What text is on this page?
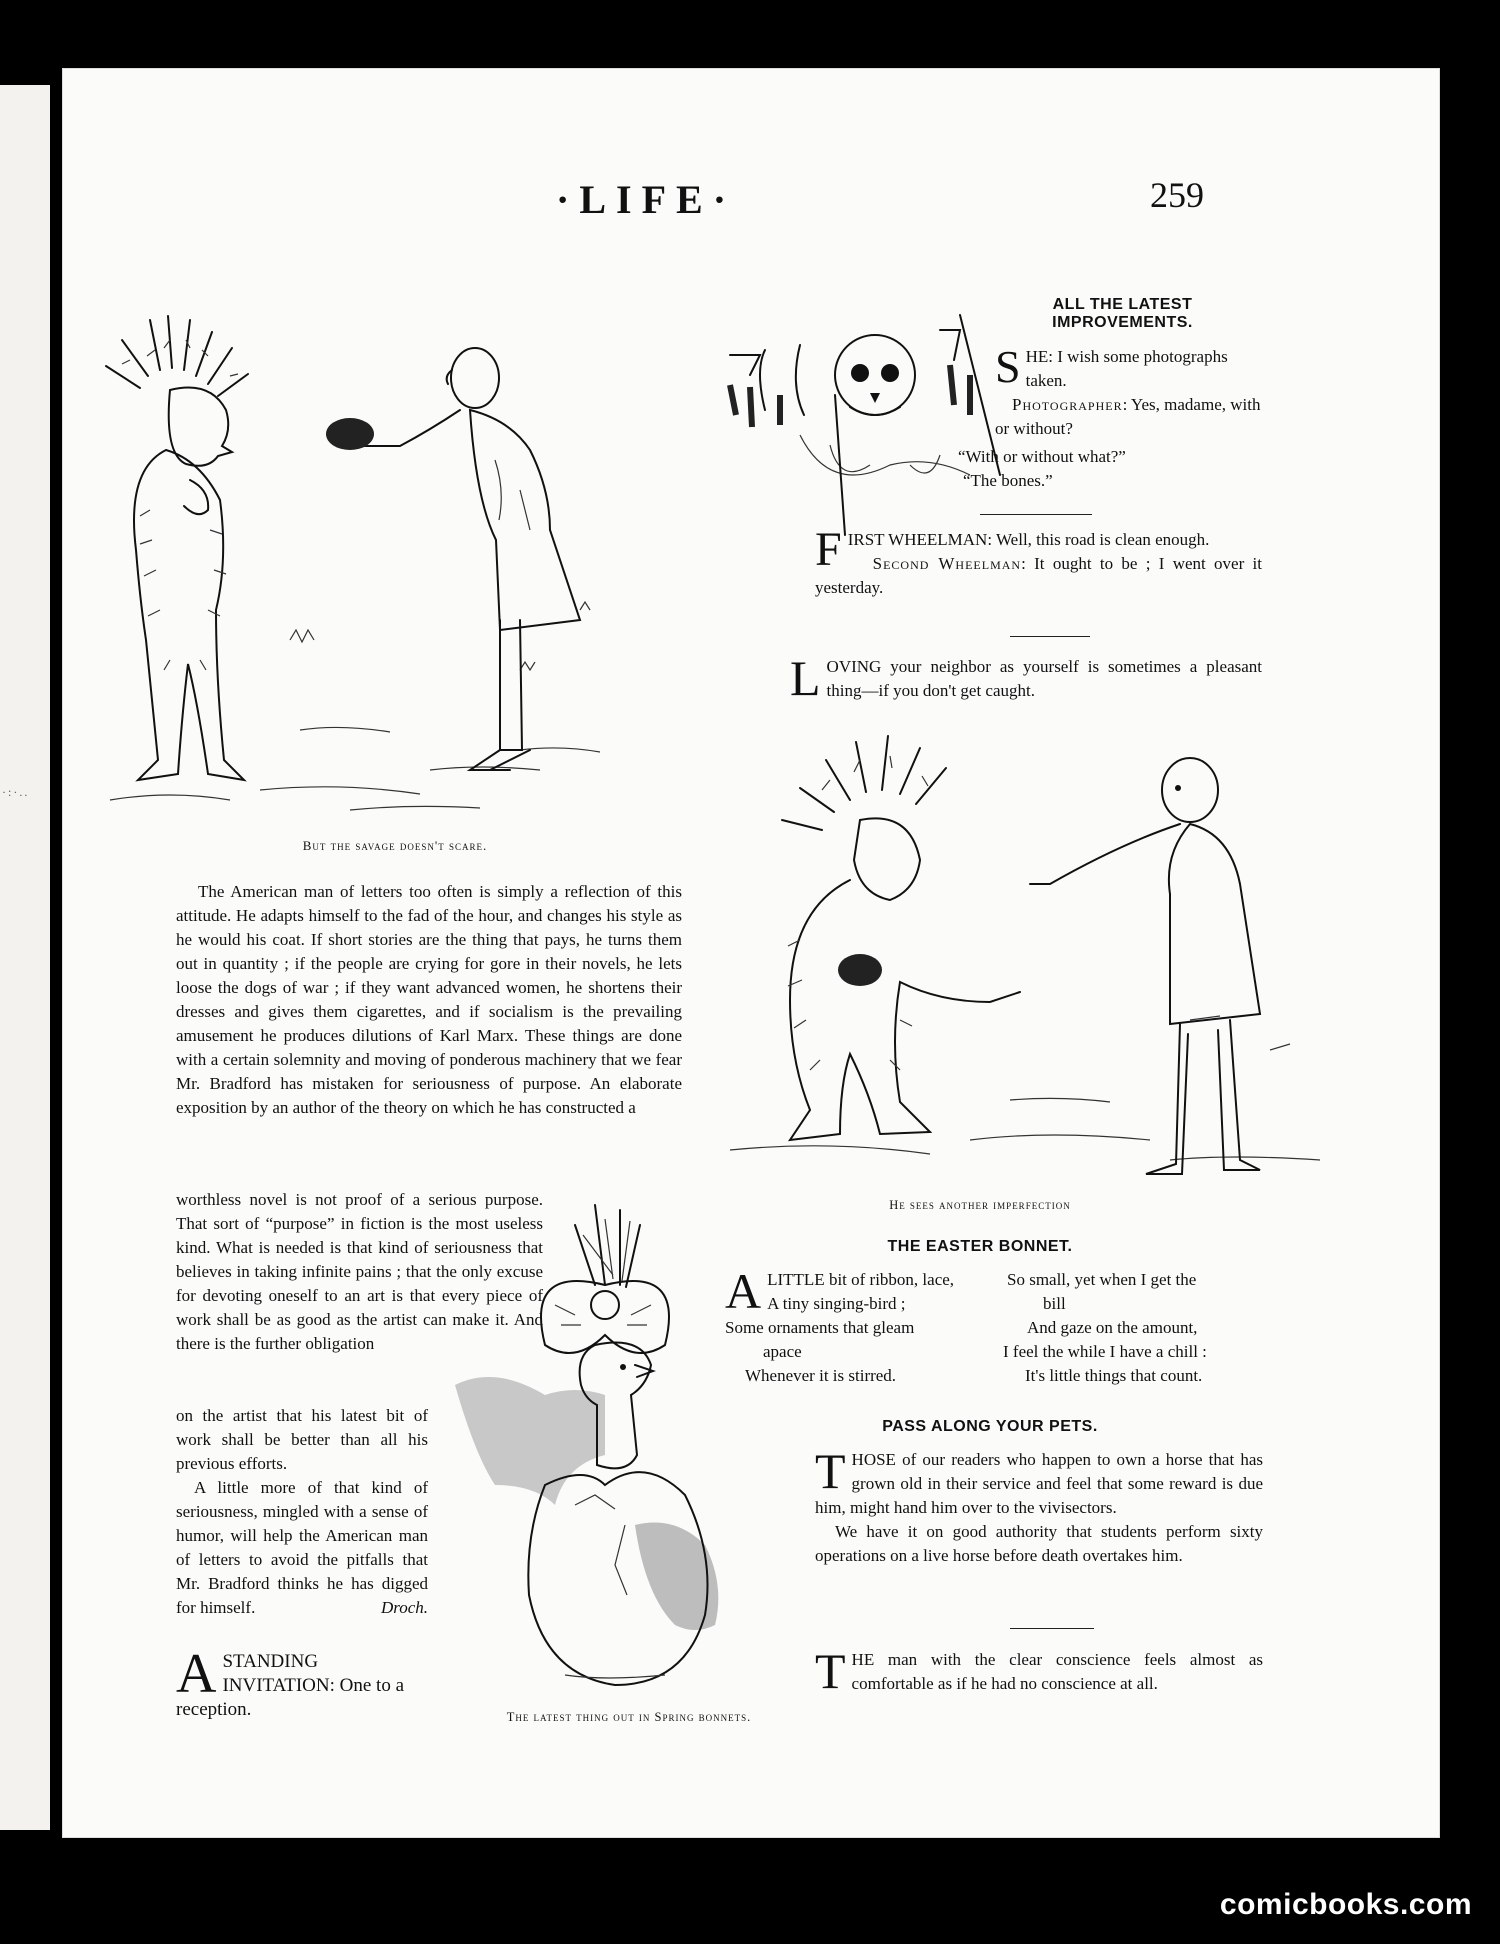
·:·..
·LIFE·	259
But the savage doesn't scare.
The American man of letters too often is simply a reflection of this attitude. He adapts himself to the fad of the hour, and changes his style as he would his coat. If short stories are the thing that pays, he turns them out in quantity ; if the people are crying for gore in their novels, he lets loose the dogs of war ; if they want advanced women, he shortens their dresses and gives them cigarettes, and if socialism is the prevailing amusement he produces dilutions of Karl Marx. These things are done with a certain solemnity and moving of ponderous machinery that we fear Mr. Bradford has mistaken for seriousness of purpose. An elaborate exposition by an author of the theory on which he has constructed a
worthless novel is not proof of a serious purpose. That sort of “purpose” in fiction is the most useless kind. What is needed is that kind of seriousness that believes in taking infinite pains ; that the only excuse for devoting oneself to an art is that every piece of work shall be as good as the artist can make it. And there is the further obligation
on the artist that his latest bit of work shall be better than all his previous efforts.
A little more of that kind of seriousness, mingled with a sense of humor, will help the American man of letters to avoid the pitfalls that Mr. Bradford thinks he has digged for himself.	Droch.
A STANDING INVITATION: One to a reception.	The latest thing out in Spring bonnets.
ALL THE LATEST IMPROVEMENTS.
S HE: I wish some photographs taken.
Photographer: Yes, madame, with or without?
“With or without what?”
“The bones.”
F IRST WHEELMAN: Well, this road is clean enough.
Second Wheelman: It ought to be ; I went over it yesterday.
L OVING your neighbor as yourself is sometimes a pleasant thing—if you don't get caught.
He sees another imperfection
THE EASTER BONNET.
A LITTLE bit of ribbon, lace,
A tiny singing-bird ;
Some ornaments that gleam
apace
Whenever it is stirred.
So small, yet when I get the
bill
And gaze on the amount,
I feel the while I have a chill :
It's little things that count.
PASS ALONG YOUR PETS.
T HOSE of our readers who happen to own a horse that has grown old in their service and feel that some reward is due him, might hand him over to the vivisectors.
We have it on good authority that students perform sixty operations on a live horse before death overtakes him.
T HE man with the clear conscience feels almost as comfortable as if he had no conscience at all.
comicbooks.com
